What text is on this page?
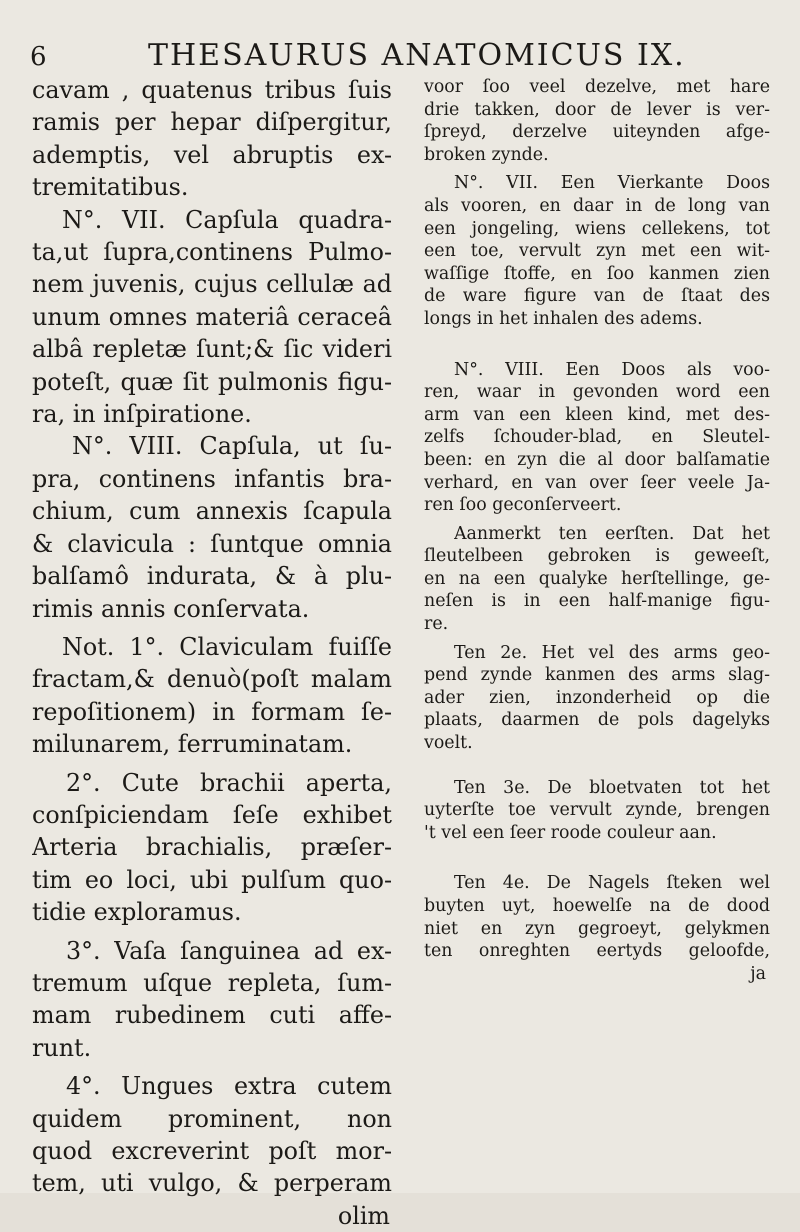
6	THESAURUS ANATOMICUS IX.
cavam , quatenus tribus ſuis
ramis per hepar diſpergitur,
ademptis, vel abruptis ex-
tremitatibus.
N°. VII. Capſula quadra-
ta,ut ſupra,continens Pulmo-
nem juvenis, cujus cellulæ ad
unum omnes materiâ ceraceâ
albâ repletæ ſunt;& ſic videri
poteſt, quæ ſit pulmonis figu-
ra, in inſpiratione.
N°. VIII. Capſula, ut ſu-
pra, continens infantis bra-
chium, cum annexis ſcapula
& clavicula : ſuntque omnia
balſamô indurata, & à plu-
rimis annis conſervata.
Not. 1°. Claviculam fuiſſe
fractam,& denuò(poſt malam
repoſitionem) in formam ſe-
milunarem, ferruminatam.
2°. Cute brachii aperta,
conſpiciendam ſeſe exhibet
Arteria brachialis, præſer-
tim eo loci, ubi pulſum quo-
tidie exploramus.
3°. Vaſa ſanguinea ad ex-
tremum uſque repleta, ſum-
mam rubedinem cuti affe-
runt.
4°. Ungues extra cutem
quidem prominent, non
quod excreverint poſt mor-
tem, uti vulgo, & perperam
olim
voor ſoo veel dezelve, met hare
drie takken, door de lever is ver-
ſpreyd, derzelve uiteynden afge-
broken zynde.
N°. VII. Een Vierkante Doos
als vooren, en daar in de long van
een jongeling, wiens cellekens, tot
een toe, vervult zyn met een wit-
waſſige ſtoffe, en ſoo kanmen zien
de ware figure van de ſtaat des
longs in het inhalen des adems.
N°. VIII. Een Doos als voo-
ren, waar in gevonden word een
arm van een kleen kind, met des-
zelfs ſchouder-blad, en Sleutel-
been: en zyn die al door balſamatie
verhard, en van over ſeer veele Ja-
ren ſoo geconſerveert.
Aanmerkt ten eerſten. Dat het
ſleutelbeen gebroken is geweeſt,
en na een qualyke herſtellinge, ge-
neſen is in een half-manige figu-
re.
Ten 2e. Het vel des arms geo-
pend zynde kanmen des arms slag-
ader zien, inzonderheid op die
plaats, daarmen de pols dagelyks
voelt.
Ten 3e. De bloetvaten tot het
uyterſte toe vervult zynde, brengen
't vel een ſeer roode couleur aan.
Ten 4e. De Nagels ſteken wel
buyten uyt, hoewelſe na de dood
niet en zyn gegroeyt, gelykmen
ten onreghten eertyds geloofde,
ja
